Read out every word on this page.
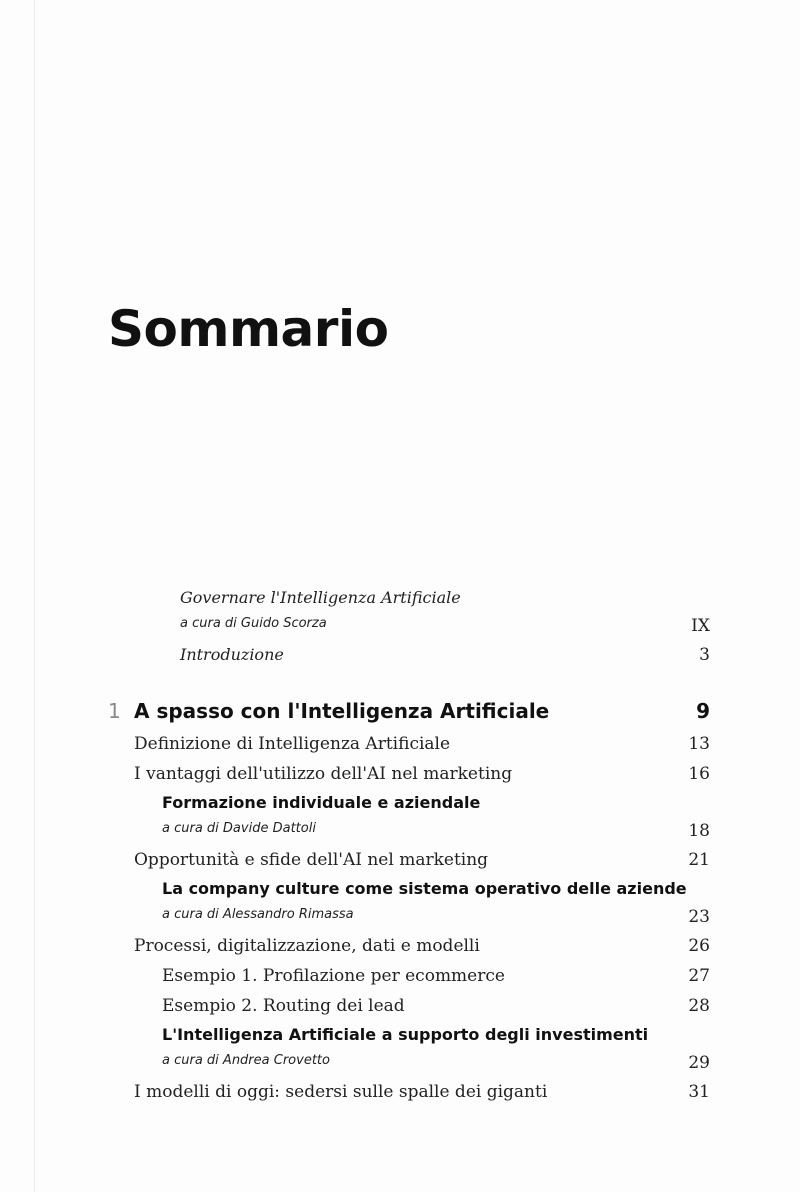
Sommario
Governare l'Intelligenza Artificiale
a cura di Guido Scorza	IX
Introduzione	3
1 A spasso con l'Intelligenza Artificiale	9
Definizione di Intelligenza Artificiale	13
I vantaggi dell'utilizzo dell'AI nel marketing	16
Formazione individuale e aziendale
a cura di Davide Dattoli	18
Opportunità e sfide dell'AI nel marketing	21
La company culture come sistema operativo delle aziende
a cura di Alessandro Rimassa	23
Processi, digitalizzazione, dati e modelli	26
Esempio 1. Profilazione per ecommerce	27
Esempio 2. Routing dei lead	28
L'Intelligenza Artificiale a supporto degli investimenti
a cura di Andrea Crovetto	29
I modelli di oggi: sedersi sulle spalle dei giganti	31
